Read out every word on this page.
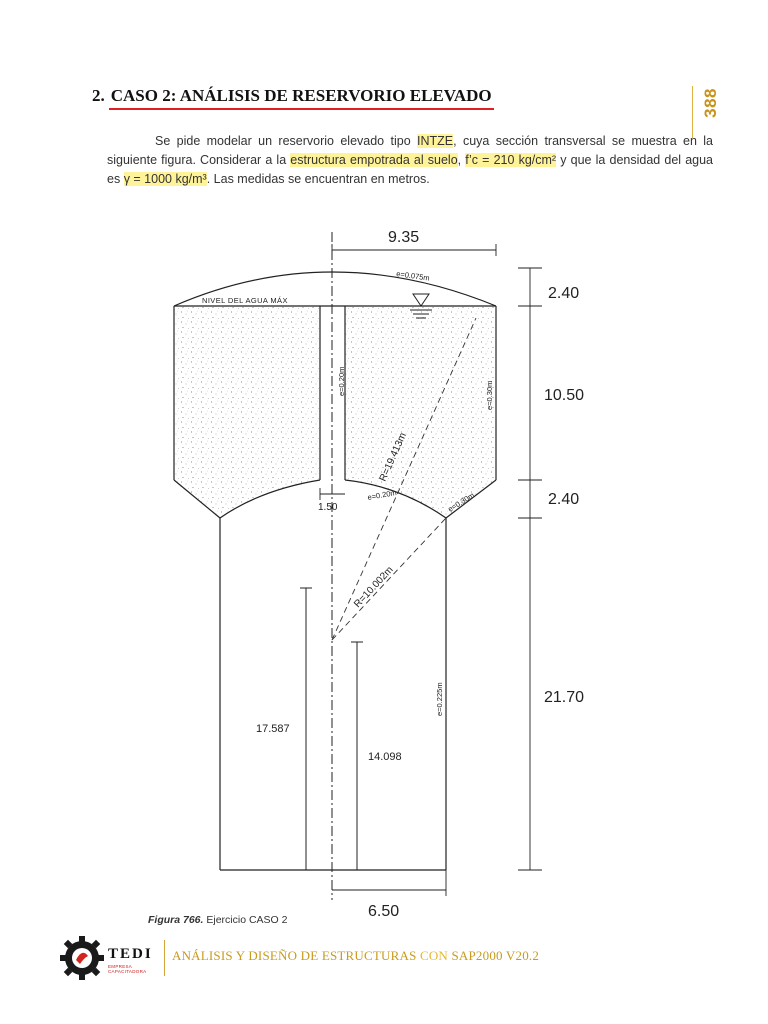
388
2. CASO 2: ANÁLISIS DE RESERVORIO ELEVADO

Se pide modelar un reservorio elevado tipo INTZE, cuya sección transversal se muestra en la siguiente figura. Considerar a la estructura empotrada al suelo, f’c = 210 kg/cm² y que la densidad del agua es γ = 1000 kg/m³. Las medidas se encuentran en metros.

9.35
6.50
2.40
10.50
2.40
21.70
1.50
e=0.075m
NIVEL DEL AGUA MÁX
e=0.20m	e=0.30m
e=0.20m	e=0.30m
R=19.413m
R=10.002m
e=0.225m
17.587
14.098
Figura 766. Ejercicio CASO 2
TEDI
EMPRESA CAPACITADORA
ANÁLISIS Y DISEÑO DE ESTRUCTURAS CON SAP2000 V20.2
